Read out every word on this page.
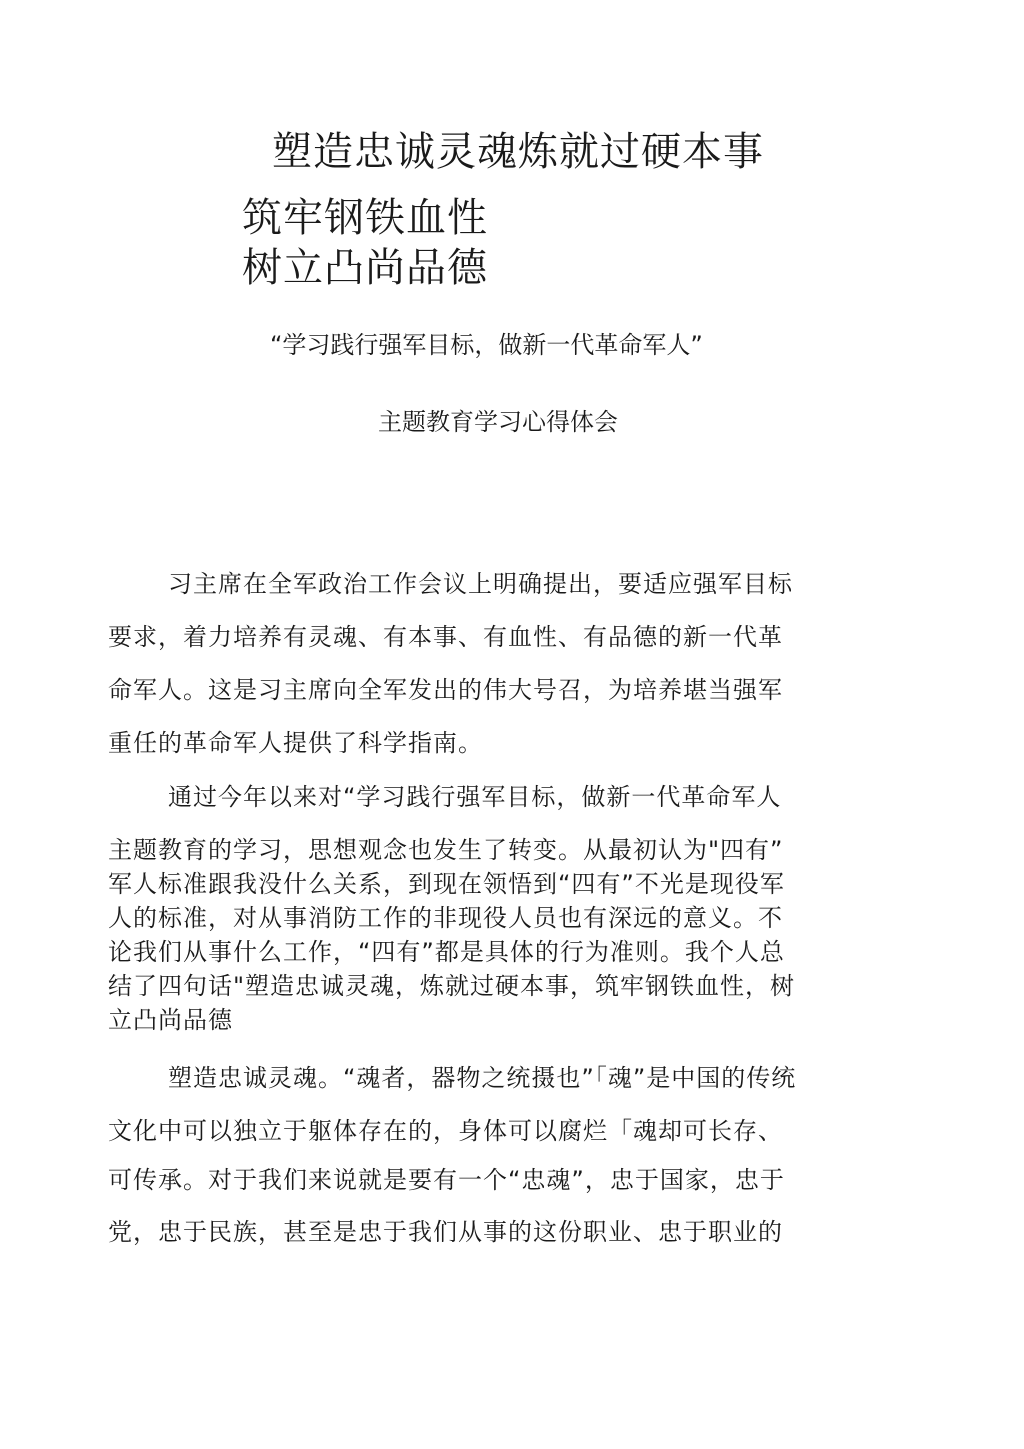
塑造忠诚灵魂炼就过硬本事
筑牢钢铁血性
树立凸尚品德
“学习践行强军目标，做新一代革命军人”
主题教育学习心得体会
习主席在全军政治工作会议上明确提出，要适应强军目标
要求，着力培养有灵魂、有本事、有血性、有品德的新一代革
命军人。这是习主席向全军发出的伟大号召，为培养堪当强军
重任的革命军人提供了科学指南。
通过今年以来对“学习践行强军目标，做新一代革命军人
主题教育的学习，思想观念也发生了转变。从最初认为"四有”
军人标准跟我没什么关系，到现在领悟到“四有”不光是现役军
人的标准，对从事消防工作的非现役人员也有深远的意义。不
论我们从事什么工作，“四有”都是具体的行为准则。我个人总
结了四句话"塑造忠诚灵魂，炼就过硬本事，筑牢钢铁血性，树
立凸尚品德
塑造忠诚灵魂。“魂者，器物之统摄也”「魂”是中国的传统
文化中可以独立于躯体存在的，身体可以腐烂「魂却可长存、
可传承。对于我们来说就是要有一个“忠魂”，忠于国家，忠于
党，忠于民族，甚至是忠于我们从事的这份职业、忠于职业的
